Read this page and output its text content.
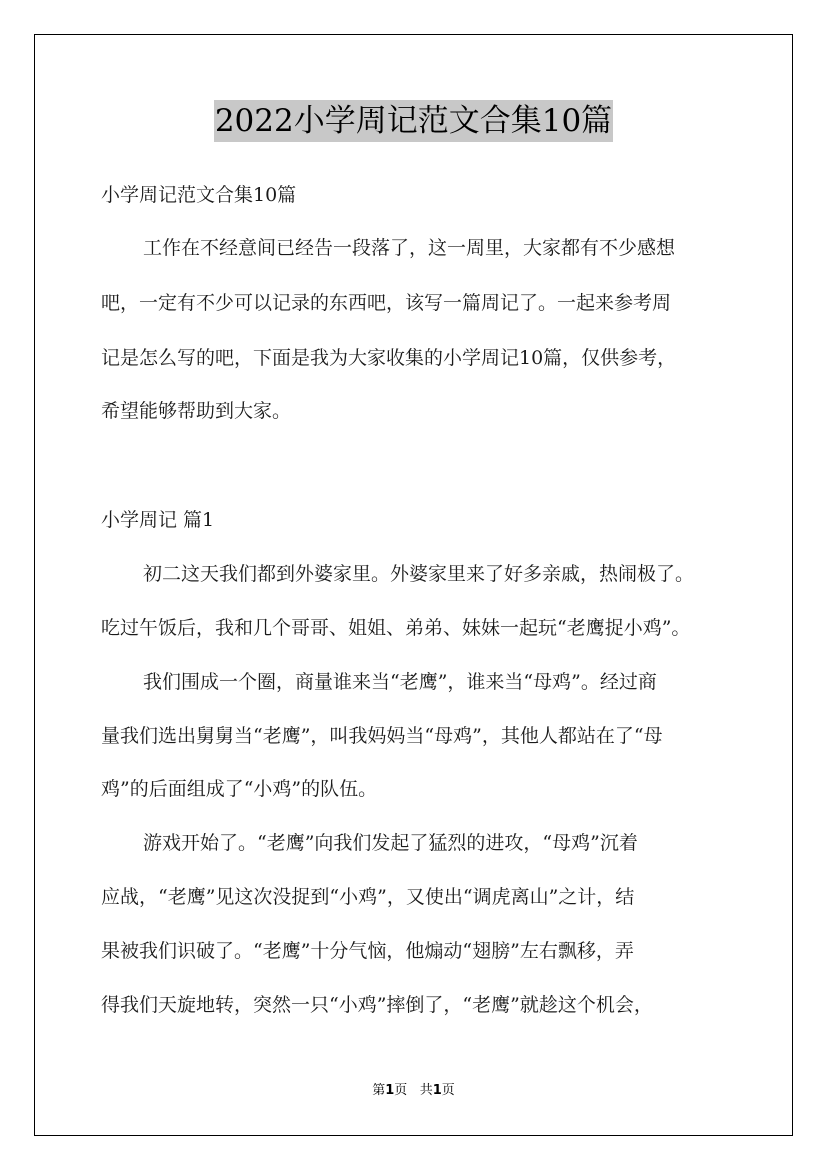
2022小学周记范文合集10篇
小学周记范文合集10篇
工作在不经意间已经告一段落了，这一周里，大家都有不少感想
吧，一定有不少可以记录的东西吧，该写一篇周记了。一起来参考周
记是怎么写的吧，下面是我为大家收集的小学周记10篇，仅供参考，
希望能够帮助到大家。
小学周记 篇1
初二这天我们都到外婆家里。外婆家里来了好多亲戚，热闹极了。
吃过午饭后，我和几个哥哥、姐姐、弟弟、妹妹一起玩“老鹰捉小鸡”。
我们围成一个圈，商量谁来当“老鹰”，谁来当“母鸡”。经过商
量我们选出舅舅当“老鹰”，叫我妈妈当“母鸡”，其他人都站在了“母
鸡”的后面组成了“小鸡”的队伍。
游戏开始了。“老鹰”向我们发起了猛烈的进攻，“母鸡”沉着
应战，“老鹰”见这次没捉到“小鸡”，又使出“调虎离山”之计，结
果被我们识破了。“老鹰”十分气恼，他煽动“翅膀”左右飘移，弄
得我们天旋地转，突然一只“小鸡”摔倒了，“老鹰”就趁这个机会，
第1页   共1页
